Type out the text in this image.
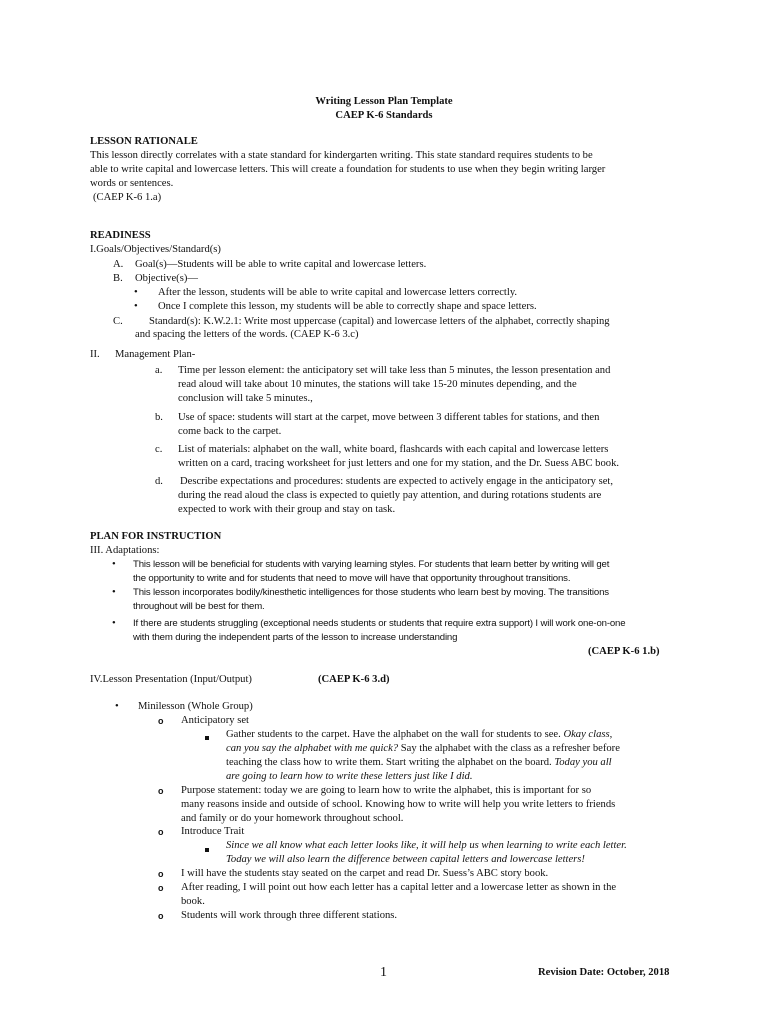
Writing Lesson Plan Template
CAEP K-6 Standards
LESSON RATIONALE
This lesson directly correlates with a state standard for kindergarten writing. This state standard requires students to be
able to write capital and lowercase letters. This will create a foundation for students to use when they begin writing larger
words or sentences.
(CAEP K-6 1.a)
READINESS
I.Goals/Objectives/Standard(s)
A. Goal(s)—Students will be able to write capital and lowercase letters.
B. Objective(s)—
• After the lesson, students will be able to write capital and lowercase letters correctly.
• Once I complete this lesson, my students will be able to correctly shape and space letters.
C. Standard(s): K.W.2.1: Write most uppercase (capital) and lowercase letters of the alphabet, correctly shaping
and spacing the letters of the words. (CAEP K-6 3.c)
II. Management Plan-
a. Time per lesson element: the anticipatory set will take less than 5 minutes, the lesson presentation and
read aloud will take about 10 minutes, the stations will take 15-20 minutes depending, and the
conclusion will take 5 minutes.,
b. Use of space: students will start at the carpet, move between 3 different tables for stations, and then
come back to the carpet.
c. List of materials: alphabet on the wall, white board, flashcards with each capital and lowercase letters
written on a card, tracing worksheet for just letters and one for my station, and the Dr. Suess ABC book.
d. Describe expectations and procedures: students are expected to actively engage in the anticipatory set,
during the read aloud the class is expected to quietly pay attention, and during rotations students are
expected to work with their group and stay on task.
PLAN FOR INSTRUCTION
III. Adaptations:
• This lesson will be beneficial for students with varying learning styles. For students that learn better by writing will get
the opportunity to write and for students that need to move will have that opportunity throughout transitions.
• This lesson incorporates bodily/kinesthetic intelligences for those students who learn best by moving. The transitions
throughout will be best for them.
• If there are students struggling (exceptional needs students or students that require extra support) I will work one-on-one
with them during the independent parts of the lesson to increase understanding
(CAEP K-6 1.b)
IV.Lesson Presentation (Input/Output)	(CAEP K-6 3.d)
• Minilesson (Whole Group)
o Anticipatory set
Gather students to the carpet. Have the alphabet on the wall for students to see. Okay class,
can you say the alphabet with me quick? Say the alphabet with the class as a refresher before
teaching the class how to write them. Start writing the alphabet on the board. Today you all
are going to learn how to write these letters just like I did.
o Purpose statement: today we are going to learn how to write the alphabet, this is important for so
many reasons inside and outside of school. Knowing how to write will help you write letters to friends
and family or do your homework throughout school.
o Introduce Trait
Since we all know what each letter looks like, it will help us when learning to write each letter.
Today we will also learn the difference between capital letters and lowercase letters!
o I will have the students stay seated on the carpet and read Dr. Suess’s ABC story book.
o After reading, I will point out how each letter has a capital letter and a lowercase letter as shown in the
book.
o Students will work through three different stations.
1	Revision Date: October, 2018
